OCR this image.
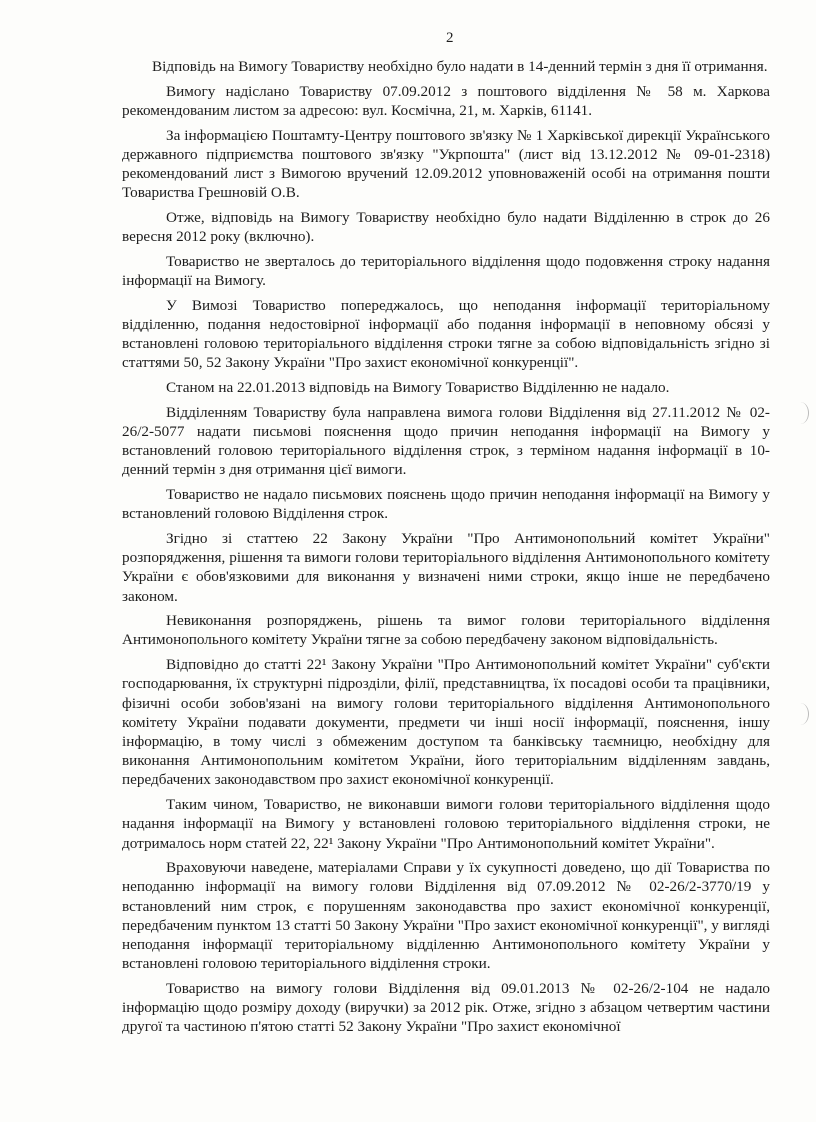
2

Відповідь на Вимогу Товариству необхідно було надати в 14-денний термін з дня її отримання.

Вимогу надіслано Товариству 07.09.2012 з поштового відділення № 58 м. Харкова рекомендованим листом за адресою: вул. Космічна, 21, м. Харків, 61141.

За інформацією Поштамту-Центру поштового зв'язку № 1 Харківської дирекції Українського державного підприємства поштового зв'язку "Укрпошта" (лист від 13.12.2012 № 09-01-2318) рекомендований лист з Вимогою вручений 12.09.2012 уповноваженій особі на отримання пошти Товариства Грешновій О.В.

Отже, відповідь на Вимогу Товариству необхідно було надати Відділенню в строк до 26 вересня 2012 року (включно).

Товариство не зверталось до територіального відділення щодо подовження строку надання інформації на Вимогу.

У Вимозі Товариство попереджалось, що неподання інформації територіальному відділенню, подання недостовірної інформації або подання інформації в неповному обсязі у встановлені головою територіального відділення строки тягне за собою відповідальність згідно зі статтями 50, 52 Закону України "Про захист економічної конкуренції".

Станом на 22.01.2013 відповідь на Вимогу Товариство Відділенню не надало.

Відділенням Товариству була направлена вимога голови Відділення від 27.11.2012 № 02-26/2-5077 надати письмові пояснення щодо причин неподання інформації на Вимогу у встановлений головою територіального відділення строк, з терміном надання інформації в 10-денний термін з дня отримання цієї вимоги.

Товариство не надало письмових пояснень щодо причин неподання інформації на Вимогу у встановлений головою Відділення строк.

Згідно зі статтею 22 Закону України "Про Антимонопольний комітет України" розпорядження, рішення та вимоги голови територіального відділення Антимонопольного комітету України є обов'язковими для виконання у визначені ними строки, якщо інше не передбачено законом.

Невиконання розпоряджень, рішень та вимог голови територіального відділення Антимонопольного комітету України тягне за собою передбачену законом відповідальність.

Відповідно до статті 22¹ Закону України "Про Антимонопольний комітет України" суб'єкти господарювання, їх структурні підрозділи, філії, представництва, їх посадові особи та працівники, фізичні особи зобов'язані на вимогу голови територіального відділення Антимонопольного комітету України подавати документи, предмети чи інші носії інформації, пояснення, іншу інформацію, в тому числі з обмеженим доступом та банківську таємницю, необхідну для виконання Антимонопольним комітетом України, його територіальним відділенням завдань, передбачених законодавством про захист економічної конкуренції.

Таким чином, Товариство, не виконавши вимоги голови територіального відділення щодо надання інформації на Вимогу у встановлені головою територіального відділення строки, не дотрималось норм статей 22, 22¹ Закону України "Про Антимонопольний комітет України".

Враховуючи наведене, матеріалами Справи у їх сукупності доведено, що дії Товариства по неподанню інформації на вимогу голови Відділення від 07.09.2012 № 02-26/2-3770/19 у встановлений ним строк, є порушенням законодавства про захист економічної конкуренції, передбаченим пунктом 13 статті 50 Закону України "Про захист економічної конкуренції", у вигляді неподання інформації територіальному відділенню Антимонопольного комітету України у встановлені головою територіального відділення строки.

Товариство на вимогу голови Відділення від 09.01.2013 № 02-26/2-104 не надало інформацію щодо розміру доходу (виручки) за 2012 рік. Отже, згідно з абзацом четвертим частини другої та частиною п'ятою статті 52 Закону України "Про захист економічної
